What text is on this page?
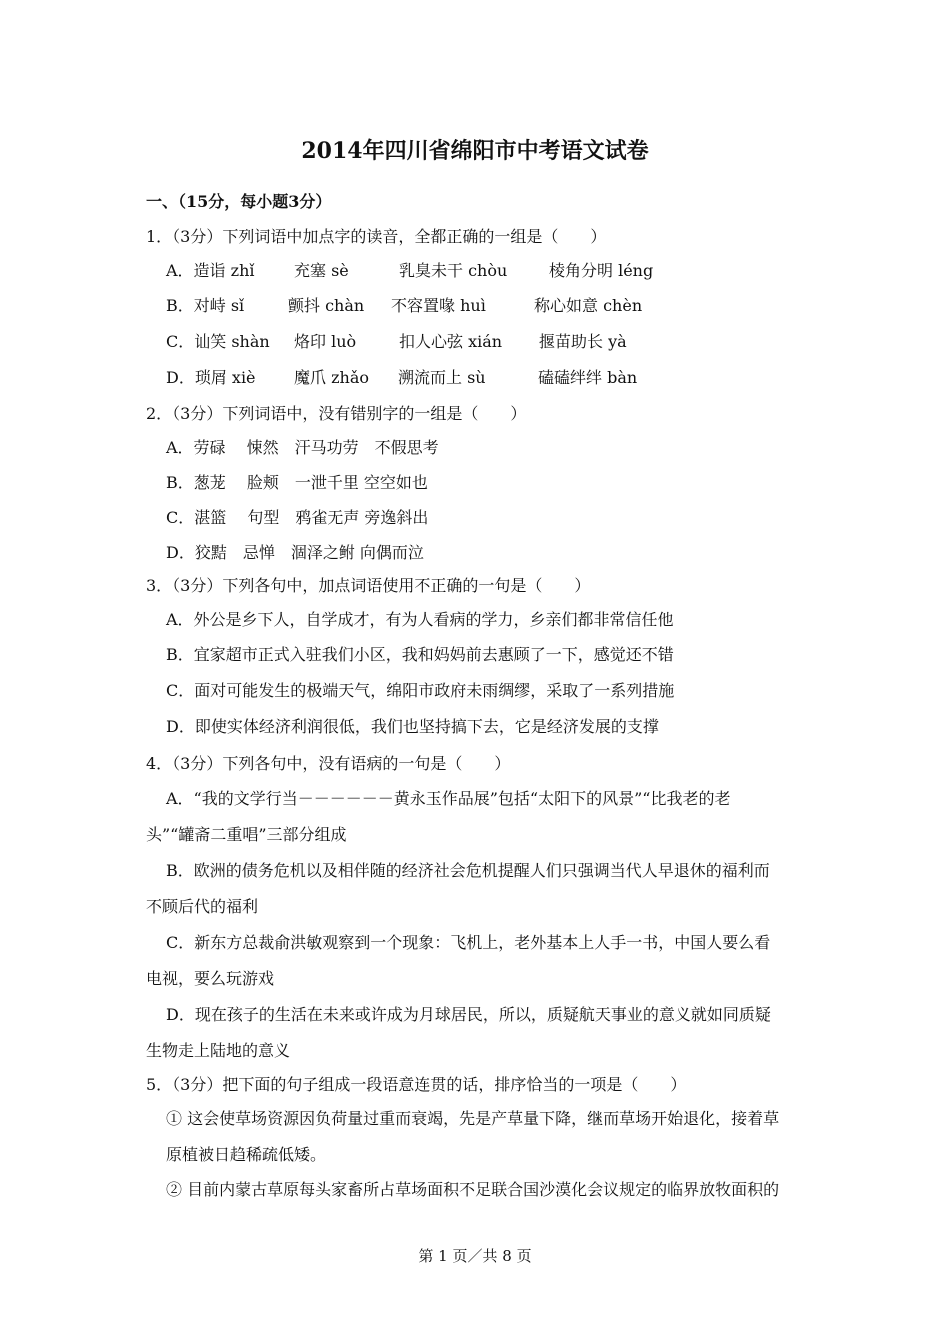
2014年四川省绵阳市中考语文试卷
一、（15分，每小题3分）
1．（3分）下列词语中加点字的读音，全都正确的一组是（　　）
A．造诣 zhǐ 充塞 sè	乳臭未干 chòu	棱角分明 léng
B．对峙 sǐ	颤抖 chàn 不容置喙 huì	称心如意 chèn
C．讪笑 shàn 烙印 luò	扣人心弦 xián 揠苗助长 yà
D．琐屑 xiè 魔爪 zhǎo 溯流而上 sù	磕磕绊绊 bàn
2．（3分）下列词语中，没有错别字的一组是（　　）
A．劳碌　 悚然　汗马功劳　不假思考
B．葱茏　 脸颊　一泄千里 空空如也
C．湛篮　 句型　鸦雀无声 旁逸斜出
D．狡黠　忌惮　涸泽之鲋 向偶而泣
3．（3分）下列各句中，加点词语使用不正确的一句是（　　）
A．外公是乡下人，自学成才，有为人看病的学力，乡亲们都非常信任他
B．宜家超市正式入驻我们小区，我和妈妈前去惠顾了一下，感觉还不错
C．面对可能发生的极端天气，绵阳市政府未雨绸缪，采取了一系列措施
D．即使实体经济利润很低，我们也坚持搞下去，它是经济发展的支撑
4．（3分）下列各句中，没有语病的一句是（　　）
A．“我的文学行当－－－－－－黄永玉作品展”包括“太阳下的风景”“比我老的老
头”“罐斋二重唱”三部分组成
B．欧洲的债务危机以及相伴随的经济社会危机提醒人们只强调当代人早退休的福利而
不顾后代的福利
C．新东方总裁俞洪敏观察到一个现象：飞机上，老外基本上人手一书，中国人要么看
电视，要么玩游戏
D．现在孩子的生活在未来或许成为月球居民，所以，质疑航天事业的意义就如同质疑
生物走上陆地的意义
5．（3分）把下面的句子组成一段语意连贯的话，排序恰当的一项是（　　）
① 这会使草场资源因负荷量过重而衰竭，先是产草量下降，继而草场开始退化，接着草
原植被日趋稀疏低矮。
② 目前内蒙古草原每头家畜所占草场面积不足联合国沙漠化会议规定的临界放牧面积的
第 1 页／共 8 页
